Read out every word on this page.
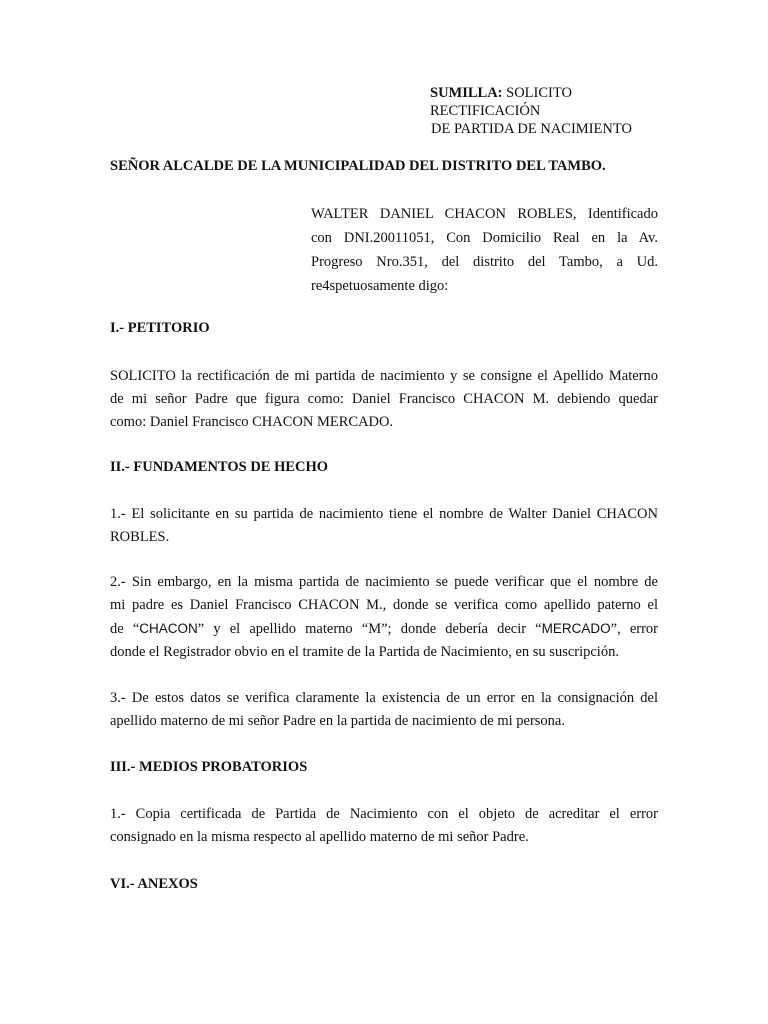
SUMILLA: SOLICITO
RECTIFICACIÓN
DE PARTIDA DE NACIMIENTO
SEÑOR ALCALDE DE LA MUNICIPALIDAD DEL DISTRITO DEL TAMBO.
WALTER DANIEL CHACON ROBLES, Identificado
con DNI.20011051, Con Domicilio Real en la Av.
Progreso Nro.351, del distrito del Tambo, a Ud.
re4spetuosamente digo:
I.- PETITORIO
SOLICITO la rectificación de mi partida de nacimiento y se consigne el Apellido Materno
de mi señor Padre que figura como: Daniel Francisco CHACON M. debiendo quedar
como: Daniel Francisco CHACON MERCADO.
II.- FUNDAMENTOS DE HECHO
1.- El solicitante en su partida de nacimiento tiene el nombre de Walter Daniel CHACON
ROBLES.
2.- Sin embargo, en la misma partida de nacimiento se puede verificar que el nombre de
mi padre es Daniel Francisco CHACON M., donde se verifica como apellido paterno el
de “CHACON” y el apellido materno “M”; donde debería decir “MERCADO”, error
donde el Registrador obvio en el tramite de la Partida de Nacimiento, en su suscripción.
3.- De estos datos se verifica claramente la existencia de un error en la consignación del
apellido materno de mi señor Padre en la partida de nacimiento de mi persona.
III.- MEDIOS PROBATORIOS
1.- Copia certificada de Partida de Nacimiento con el objeto de acreditar el error
consignado en la misma respecto al apellido materno de mi señor Padre.
VI.- ANEXOS
